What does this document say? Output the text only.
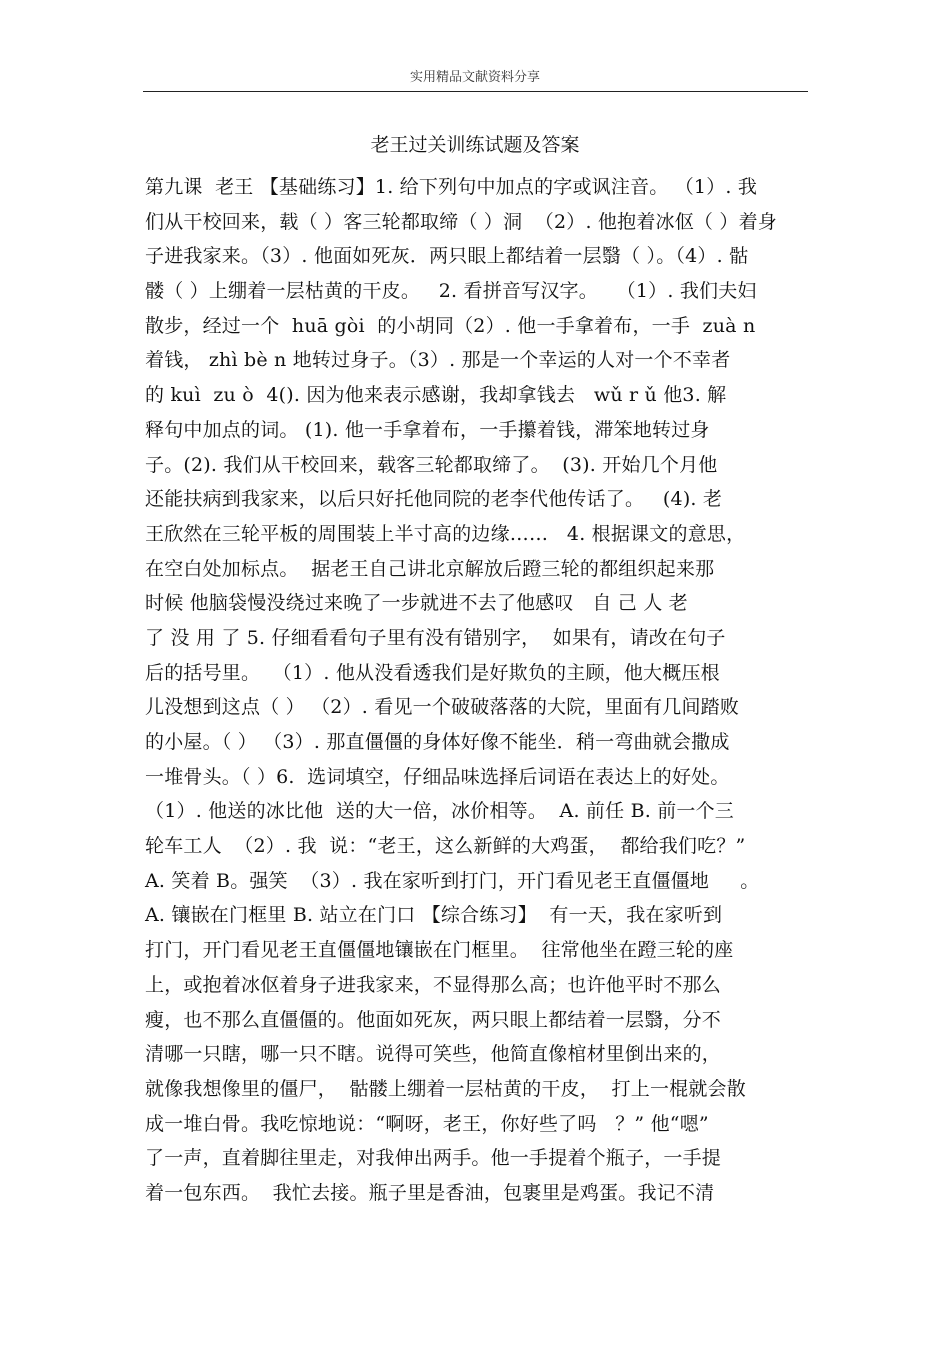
实用精品文献资料分享
老王过关训练试题及答案
第九课  老王 【基础练习】1. 给下列句中加点的字或讽注音。 （1）. 我
们从干校回来，载（ ）客三轮都取缔（ ）洞  （2）. 他抱着冰伛（ ）着身
子进我家来。（3）. 他面如死灰．两只眼上都结着一层翳（ ）。（4）. 骷
髅（ ）上绷着一层枯黄的干皮。   2. 看拼音写汉字。   （1）. 我们夫妇
散步，经过一个  huā gòi  的小胡同（2）. 他一手拿着布，一手  zuà n
着钱， zhì bè n 地转过身子。（3）. 那是一个幸运的人对一个不幸者
的 kuì  zu ò  4(). 因为他来表示感谢，我却拿钱去   wǔ r ǔ 他3. 解
释句中加点的词。 (1). 他一手拿着布，一手攥着钱，滞笨地转过身
子。(2). 我们从干校回来，载客三轮都取缔了。  (3). 开始几个月他
还能扶病到我家来，以后只好托他同院的老李代他传话了。   (4). 老
王欣然在三轮平板的周围装上半寸高的边缘……   4. 根据课文的意思，
在空白处加标点。  据老王自己讲北京解放后蹬三轮的都组织起来那
时候 他脑袋慢没绕过来晚了一步就进不去了他感叹   自 己 人 老
了 没 用 了 5. 仔细看看句子里有没有错别字，  如果有，请改在句子
后的括号里。  （1）. 他从没看透我们是好欺负的主顾，他大概压根
儿没想到这点（ ） （2）. 看见一个破破落落的大院，里面有几间踏败
的小屋。（ ） （3）. 那直僵僵的身体好像不能坐．稍一弯曲就会撒成
一堆骨头。（ ）6.  选词填空，仔细品味选择后词语在表达上的好处。
（1）. 他送的冰比他  送的大一倍，冰价相等。  A. 前任 B. 前一个三
轮车工人  （2）. 我  说：“老王，这么新鲜的大鸡蛋，  都给我们吃？”
A. 笑着 B。强笑  （3）. 我在家听到打门，开门看见老王直僵僵地     。
A. 镶嵌在门框里 B. 站立在门口 【综合练习】  有一天，我在家听到
打门，开门看见老王直僵僵地镶嵌在门框里。  往常他坐在蹬三轮的座
上，或抱着冰伛着身子进我家来，不显得那么高；也许他平时不那么
瘦，也不那么直僵僵的。他面如死灰，两只眼上都结着一层翳，分不
清哪一只瞎，哪一只不瞎。说得可笑些，他简直像棺材里倒出来的，
就像我想像里的僵尸，  骷髅上绷着一层枯黄的干皮，  打上一棍就会散
成一堆白骨。我吃惊地说：“啊呀，老王，你好些了吗   ？” 他“嗯”
了一声，直着脚往里走，对我伸出两手。他一手提着个瓶子，一手提
着一包东西。  我忙去接。瓶子里是香油，包裹里是鸡蛋。我记不清
